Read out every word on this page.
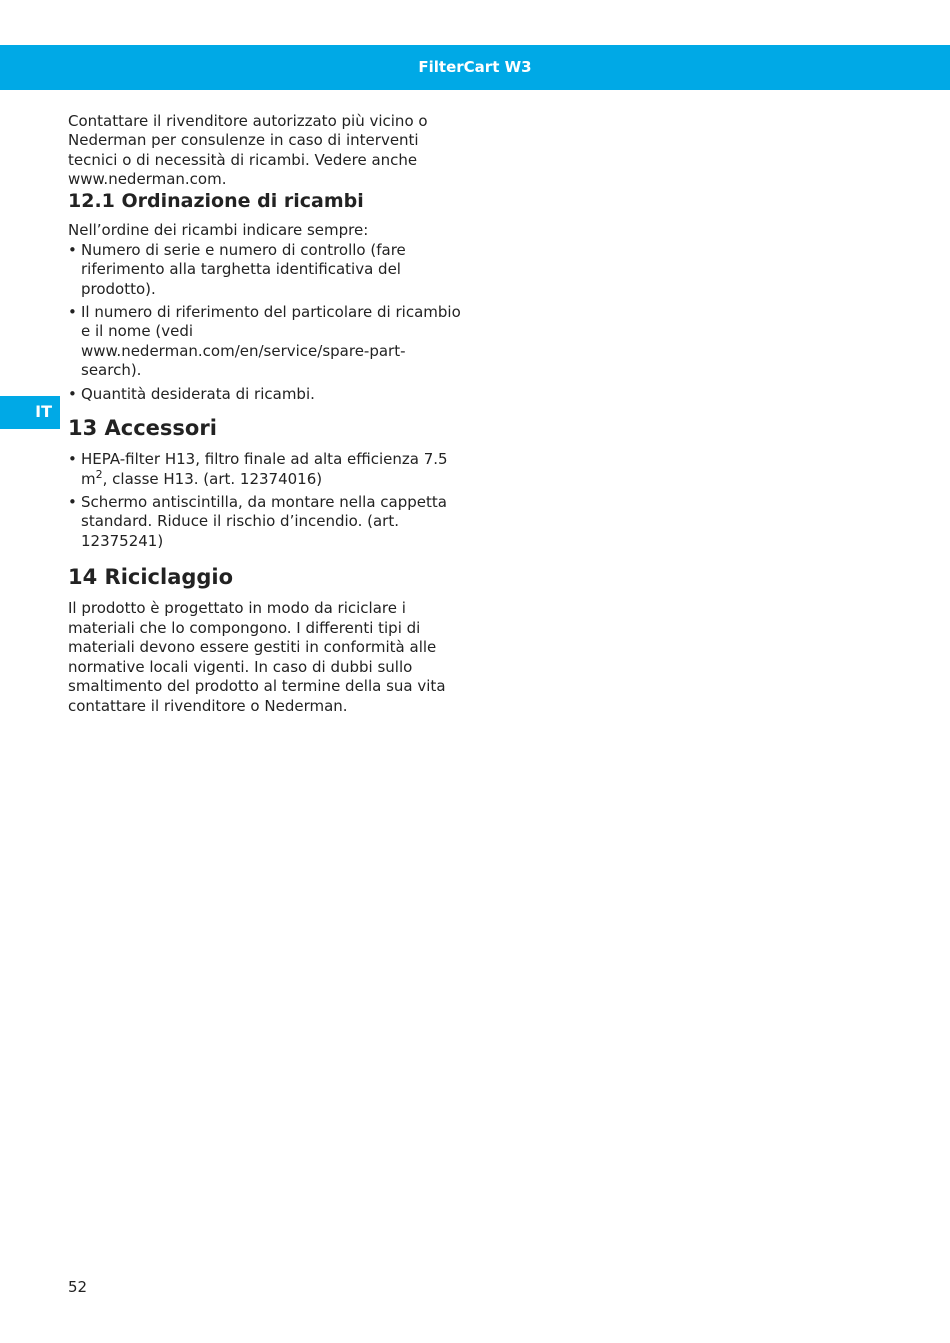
FilterCart W3
IT

Contattare il rivenditore autorizzato più vicino o Nederman per consulenze in caso di interventi tecnici o di necessità di ricambi. Vedere anche www.nederman.com.

12.1 Ordinazione di ricambi

Nell’ordine dei ricambi indicare sempre:

• Numero di serie e numero di controllo (fare riferimento alla targhetta identificativa del prodotto).
• Il numero di riferimento del particolare di ricambio e il nome (vedi www.nederman.com/en/service/spare-part-search).
• Quantità desiderata di ricambi.
13 Accessori
• HEPA-filter H13, filtro finale ad alta efficienza 7.5 $m^2$, classe H13. (art. 12374016)
• Schermo antiscintilla, da montare nella cappetta standard. Riduce il rischio d’incendio. (art. 12375241)
14 Riciclaggio

Il prodotto è progettato in modo da riciclare i materiali che lo compongono. I differenti tipi di materiali devono essere gestiti in conformità alle normative locali vigenti. In caso di dubbi sullo smaltimento del prodotto al termine della sua vita contattare il rivenditore o Nederman.

52
